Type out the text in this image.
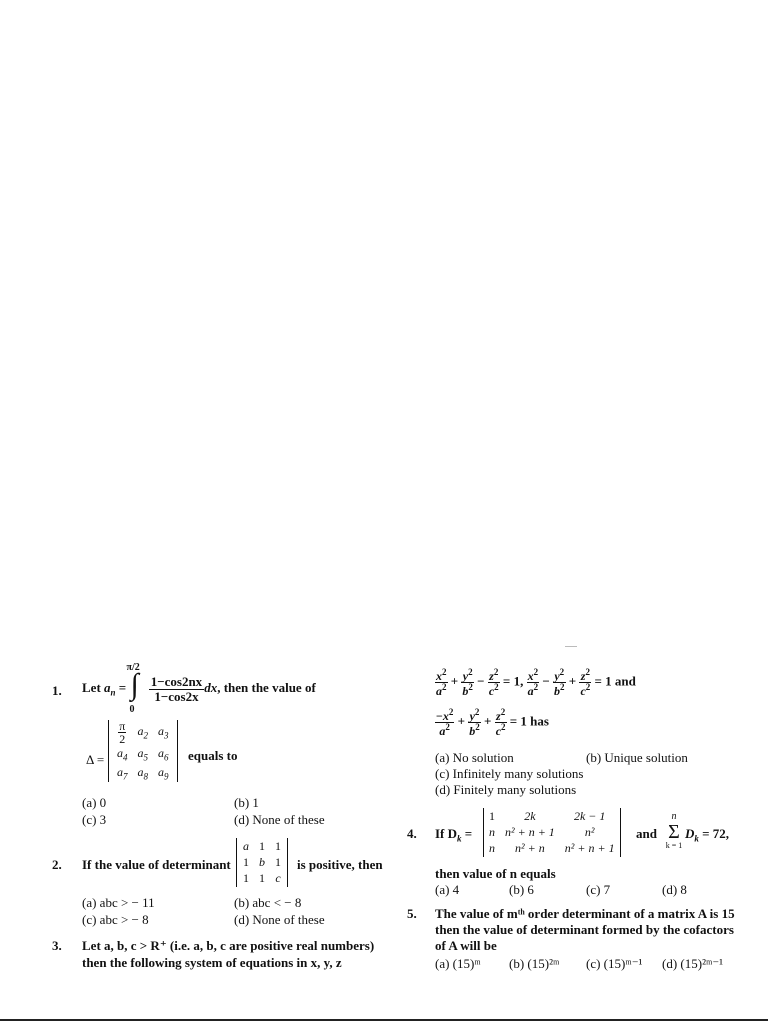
1. Let $a_n$ =
π/2
∫
0

$\frac{1-\cos 2nx}{1-\cos 2x}$ dx, then the value of
Δ =
$\frac{\pi}{2}$	$a_2$	$a_3$
$a_4$	$a_5$	$a_6$
$a_7$	$a_8$	$a_9$
equals to
(a) 0	(b) 1
(c) 3	(d) None of these
2. If the value of determinant
a	1	1
1	b	1
1	1	c
is positive, then
(a) abc > − 11	(b) abc < − 8
(c) abc > − 8	(d) None of these
3. Let a, b, c > R⁺ (i.e. a, b, c are positive real numbers)
then the following system of equations in x, y, z
$\frac{x^2}{a^2} + \frac{y^2}{b^2} - \frac{z^2}{c^2} = 1$, $\frac{x^2}{a^2} - \frac{y^2}{b^2} + \frac{z^2}{c^2} = 1$ and
$\frac{-x^2}{a^2} + \frac{y^2}{b^2} + \frac{z^2}{c^2} = 1$ has
(a) No solution	(b) Unique solution
(c) Infinitely many solutions
(d) Finitely many solutions
4. If $D_k$ =
1	2k	2k − 1
n	n² + n + 1	n²
n	n² + n	n² + n + 1
and
n
Σ
k = 1
$D_k = 72$,
then value of n equals
(a) 4	(b) 6	(c) 7	(d) 8
5. The value of mᵗʰ order determinant of a matrix A is 15
then the value of determinant formed by the cofactors
of A will be
(a) (15)ᵐ (b) (15)²ᵐ (c) (15)ᵐ⁻¹ (d) (15)²ᵐ⁻¹
